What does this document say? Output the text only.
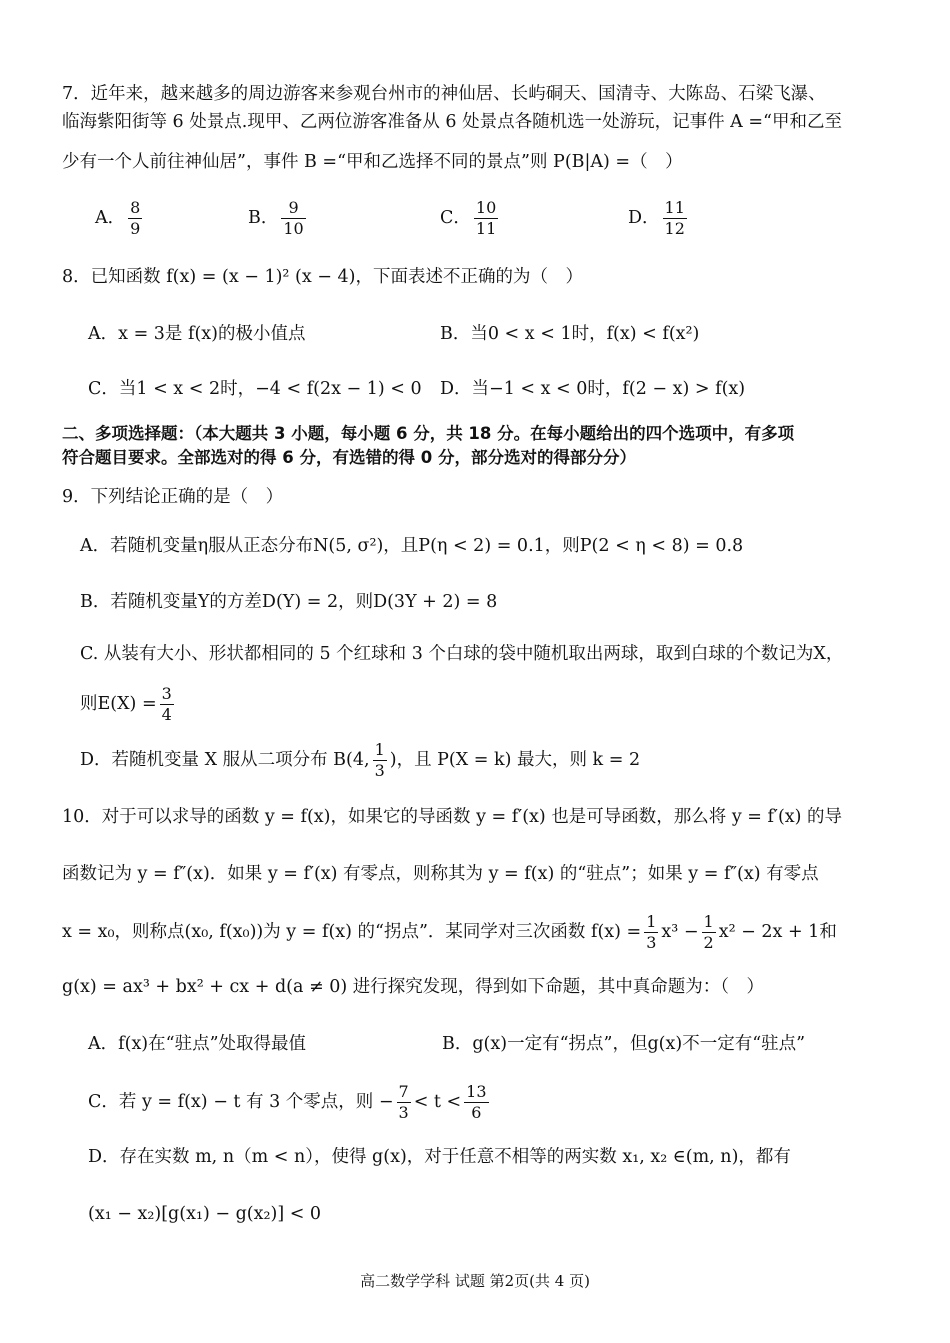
7．近年来，越来越多的周边游客来参观台州市的神仙居、长屿硐天、国清寺、大陈岛、石梁飞瀑、
临海紫阳街等 6 处景点.现甲、乙两位游客准备从 6 处景点各随机选一处游玩，记事件 A =“甲和乙至
少有一个人前往神仙居”，事件 B =“甲和乙选择不同的景点”则 P(B|A) =（　）
A． $\frac{8}{9}$	B． $\frac{9}{10}$	C． $\frac{10}{11}$	D． $\frac{11}{12}$
8．已知函数 f(x) = (x − 1)² (x − 4)，下面表述不正确的为（　）
A．x = 3是 f(x)的极小值点	B．当0 < x < 1时，f(x) < f(x²)
C．当1 < x < 2时，−4 < f(2x − 1) < 0 D．当−1 < x < 0时，f(2 − x) > f(x)
二、多项选择题：（本大题共 3 小题，每小题 6 分，共 18 分。在每小题给出的四个选项中，有多项
符合题目要求。全部选对的得 6 分，有选错的得 0 分，部分选对的得部分分）
9．下列结论正确的是（　）
A．若随机变量η服从正态分布N(5, σ²)，且P(η < 2) = 0.1，则P(2 < η < 8) = 0.8
B．若随机变量Y的方差D(Y) = 2，则D(3Y + 2) = 8
C. 从装有大小、形状都相同的 5 个红球和 3 个白球的袋中随机取出两球，取到白球的个数记为X，
则$E(X) = \frac{3}{4}$
D．若随机变量 X 服从二项分布 B(4, $\frac{1}{3}$ )，且 P(X = k) 最大，则 k = 2
10．对于可以求导的函数 y = f(x)，如果它的导函数 y = f′(x) 也是可导函数，那么将 y = f′(x) 的导
函数记为 y = f″(x)．如果 y = f′(x) 有零点，则称其为 y = f(x) 的“驻点”；如果 y = f″(x) 有零点
x = x₀，则称点(x₀, f(x₀))为 y = f(x) 的“拐点”．某同学对三次函数 $f(x) = \frac{1}{3} x^3 - \frac{1}{2} x^2 - 2x + 1$和
g(x) = ax³ + bx² + cx + d(a ≠ 0) 进行探究发现，得到如下命题，其中真命题为：（　）
A．f(x)在“驻点”处取得最值	B．g(x)一定有“拐点”，但g(x)不一定有“驻点”
C．若 y = f(x) − t 有 3 个零点，则 − $\frac{7}{3} < t < \frac{13}{6}$
D．存在实数 m, n（m < n），使得 g(x)，对于任意不相等的两实数 x₁, x₂ ∈(m, n)，都有
(x₁ − x₂)[g(x₁) − g(x₂)] < 0
高二数学学科 试题 第2页(共 4 页)
